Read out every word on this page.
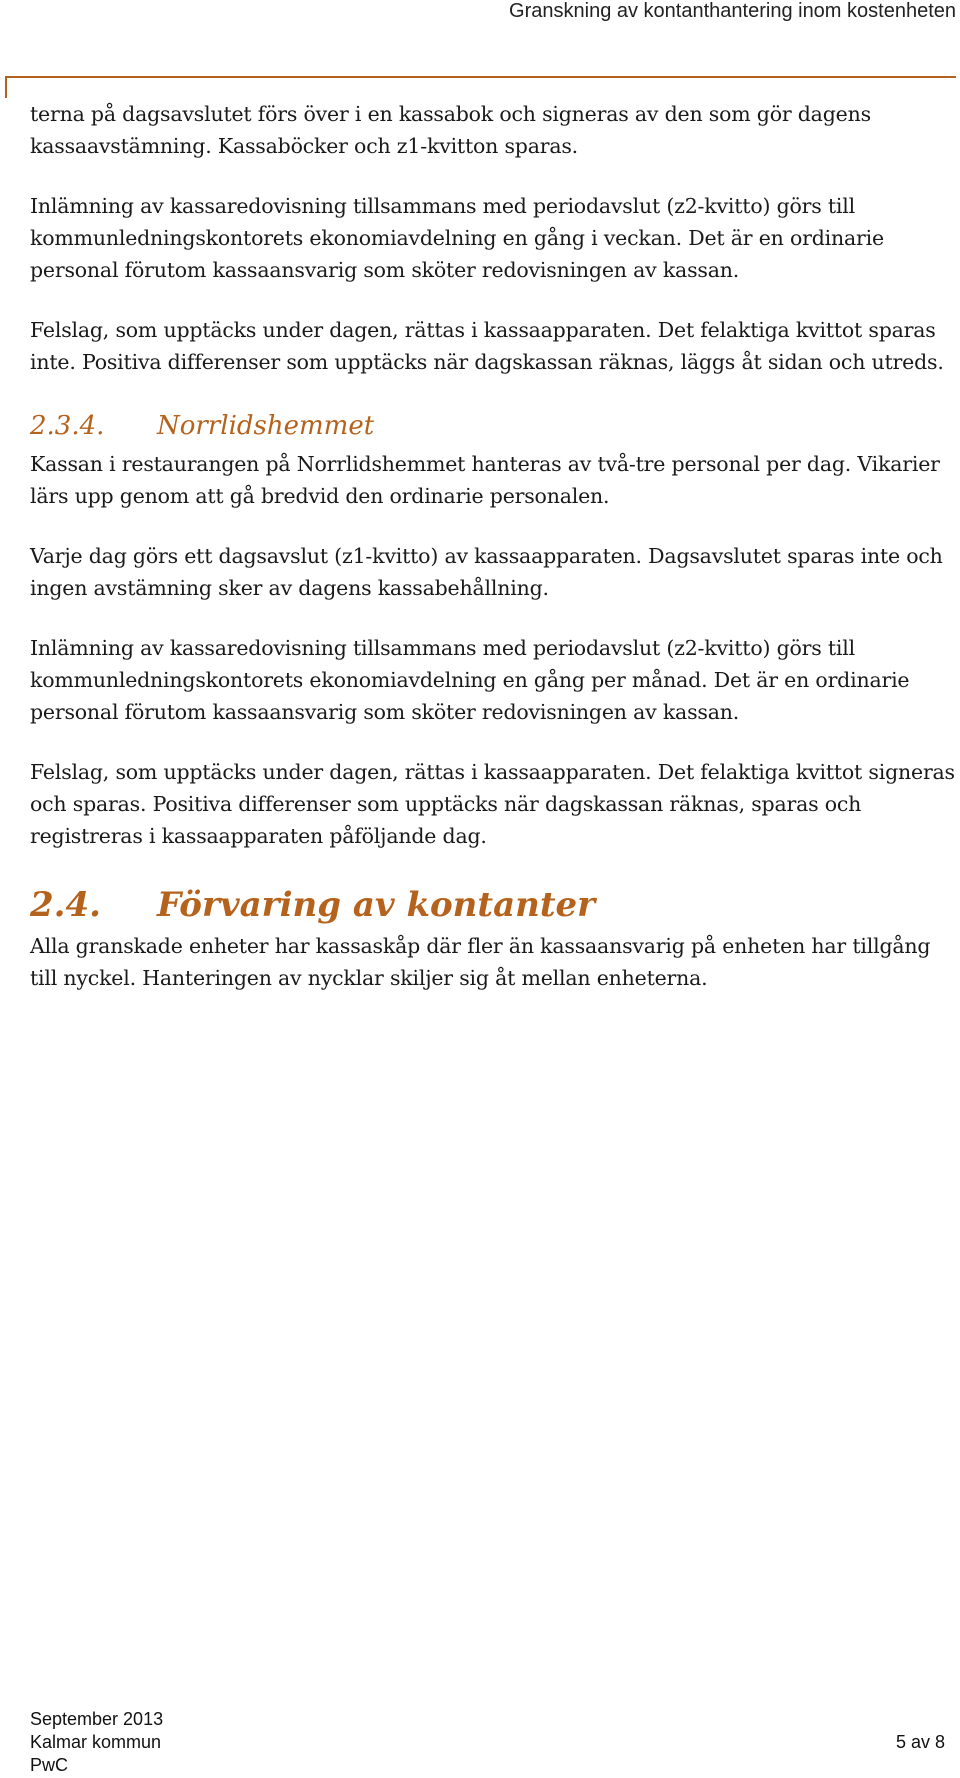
Granskning av kontanthantering inom kostenheten

terna på dagsavslutet förs över i en kassabok och signeras av den som gör dagens kassaavstämning. Kassaböcker och z1-kvitton sparas.

Inlämning av kassaredovisning tillsammans med periodavslut (z2-kvitto) görs till kommunledningskontorets ekonomiavdelning en gång i veckan. Det är en ordinarie personal förutom kassaansvarig som sköter redovisningen av kassan.

Felslag, som upptäcks under dagen, rättas i kassaapparaten. Det felaktiga kvittot sparas inte. Positiva differenser som upptäcks när dagskassan räknas, läggs åt sidan och utreds.

2.3.4. Norrlidshemmet

Kassan i restaurangen på Norrlidshemmet hanteras av två-tre personal per dag. Vikarier lärs upp genom att gå bredvid den ordinarie personalen.

Varje dag görs ett dagsavslut (z1-kvitto) av kassaapparaten. Dagsavslutet sparas inte och ingen avstämning sker av dagens kassabehållning.

Inlämning av kassaredovisning tillsammans med periodavslut (z2-kvitto) görs till kommunledningskontorets ekonomiavdelning en gång per månad. Det är en ordinarie personal förutom kassaansvarig som sköter redovisningen av kassan.

Felslag, som upptäcks under dagen, rättas i kassaapparaten. Det felaktiga kvittot signeras och sparas. Positiva differenser som upptäcks när dagskassan räknas, sparas och registreras i kassaapparaten påföljande dag.

2.4. Förvaring av kontanter

Alla granskade enheter har kassaskåp där fler än kassaansvarig på enheten har tillgång till nyckel. Hanteringen av nycklar skiljer sig åt mellan enheterna.

September 2013
Kalmar kommun
PwC
5 av 8
